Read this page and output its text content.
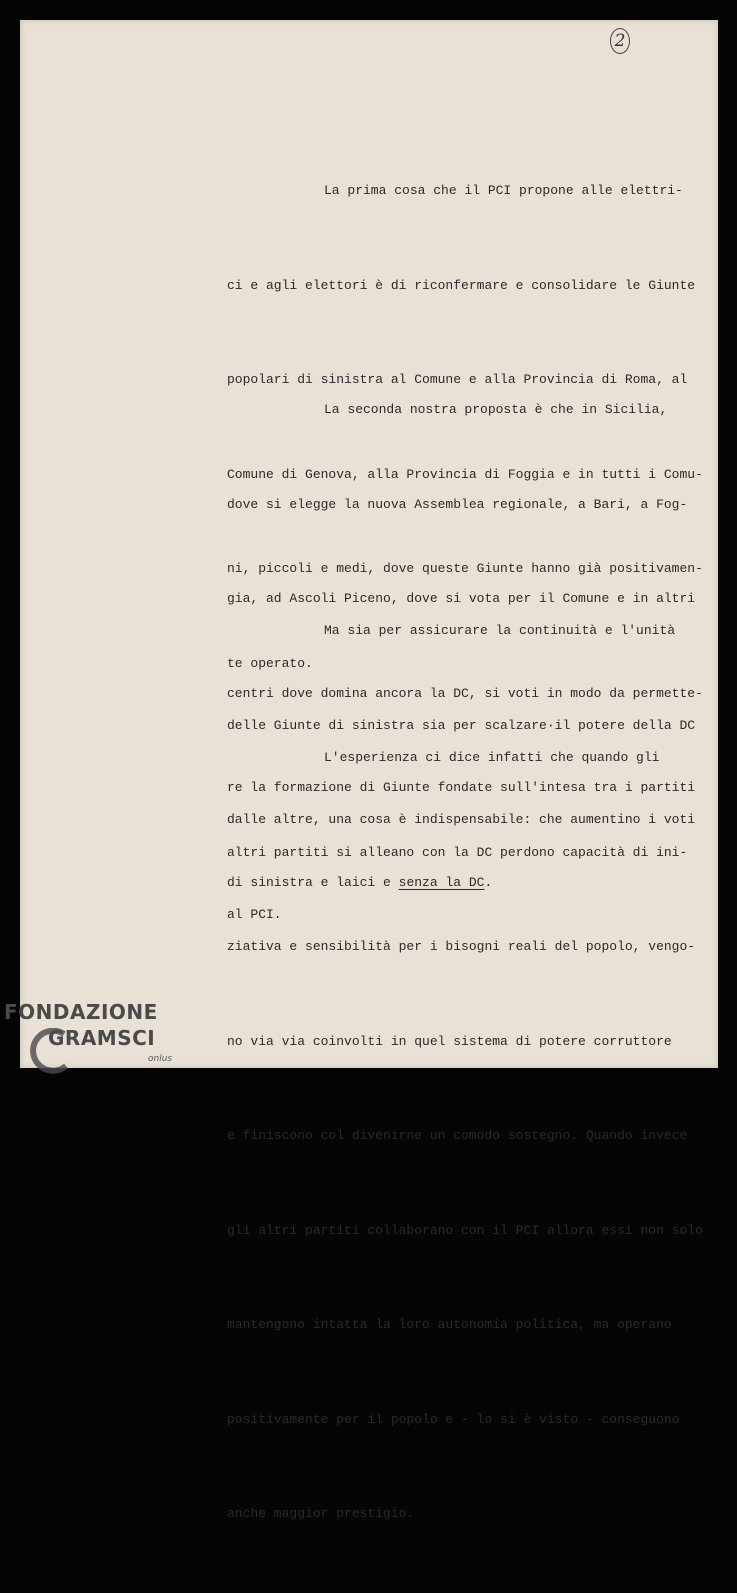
2

La prima cosa che il PCI propone alle elettri-

ci e agli elettori è di riconfermare e consolidare le Giunte

popolari di sinistra al Comune e alla Provincia di Roma, al

Comune di Genova, alla Provincia di Foggia e in tutti i Comu-

ni, piccoli e medi, dove queste Giunte hanno già positivamen-

te operato.

La seconda nostra proposta è che in Sicilia,

dove si elegge la nuova Assemblea regionale, a Bari, a Fog-

gia, ad Ascoli Piceno, dove si vota per il Comune e in altri

centri dove domina ancora la DC, si voti in modo da permette-

re la formazione di Giunte fondate sull'intesa tra i partiti

di sinistra e laici e senza la DC.

Ma sia per assicurare la continuità e l'unità

delle Giunte di sinistra sia per scalzare·il potere della DC

dalle altre, una cosa è indispensabile: che aumentino i voti

al PCI.

L'esperienza ci dice infatti che quando gli

altri partiti si alleano con la DC perdono capacità di ini-

ziativa e sensibilità per i bisogni reali del popolo, vengo-

no via via coinvolti in quel sistema di potere corruttore

e finiscono col divenirne un comodo sostegno. Quando invece

gli altri partiti collaborano con il PCI allora essi non solo

mantengono intatta la loro autonomia politica, ma operano

positivamente per il popolo e - lo si è visto - conseguono

anche maggior prestigio.

FONDAZIONE
GRAMSCI
onlus
